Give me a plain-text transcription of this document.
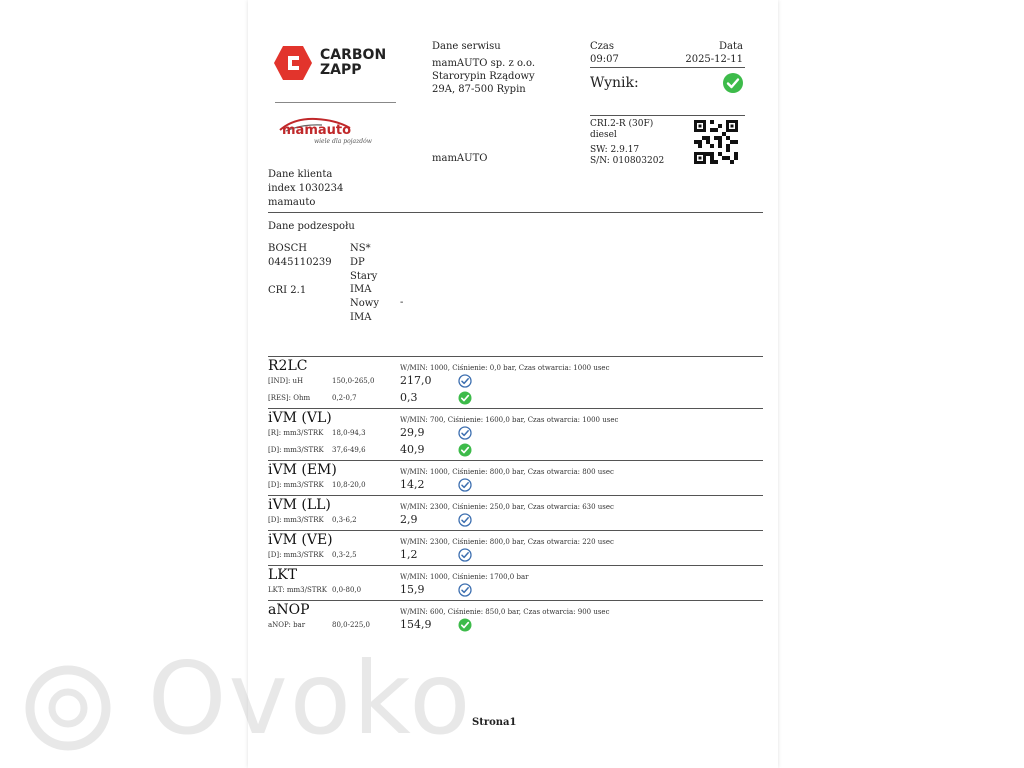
CARBON
ZAPP
mamauto
wiele dla pojazdów
Dane serwisu
mamAUTO sp. z o.o.
Starorypin Rządowy
29A, 87-500 Rypin
mamAUTO
Czas
09:07
Data
2025-12-11
Wynik:
CRI.2-R (30F)
diesel
SW: 2.9.17
S/N: 010803202
Dane klienta
index 1030234
mamauto
Dane podzespołu
BOSCH
0445110239
CRI 2.1
NS*
DP
Stary
IMA
Nowy
IMA
-
R2LC	W/MIN: 1000, Ciśnienie: 0,0 bar, Czas otwarcia: 1000 usec
[IND]: uH	150,0-265,0 217,0
[RES]: Ohm	0,2-0,7	0,3
iVM (VL)	W/MIN: 700, Ciśnienie: 1600,0 bar, Czas otwarcia: 1000 usec
[R]: mm3/STRK 18,0-94,3	29,9
[D]: mm3/STRK 37,6-49,6	40,9
iVM (EM)	W/MIN: 1000, Ciśnienie: 800,0 bar, Czas otwarcia: 800 usec
[D]: mm3/STRK 10,8-20,0	14,2
iVM (LL)	W/MIN: 2300, Ciśnienie: 250,0 bar, Czas otwarcia: 630 usec
[D]: mm3/STRK 0,3-6,2	2,9
iVM (VE)	W/MIN: 2300, Ciśnienie: 800,0 bar, Czas otwarcia: 220 usec
[D]: mm3/STRK 0,3-2,5	1,2
LKT	W/MIN: 1000, Ciśnienie: 1700,0 bar
LKT: mm3/STRK 0,0-80,0	15,9
aNOP	W/MIN: 600, Ciśnienie: 850,0 bar, Czas otwarcia: 900 usec
aNOP: bar	80,0-225,0	154,9
Strona1
Ovoko
